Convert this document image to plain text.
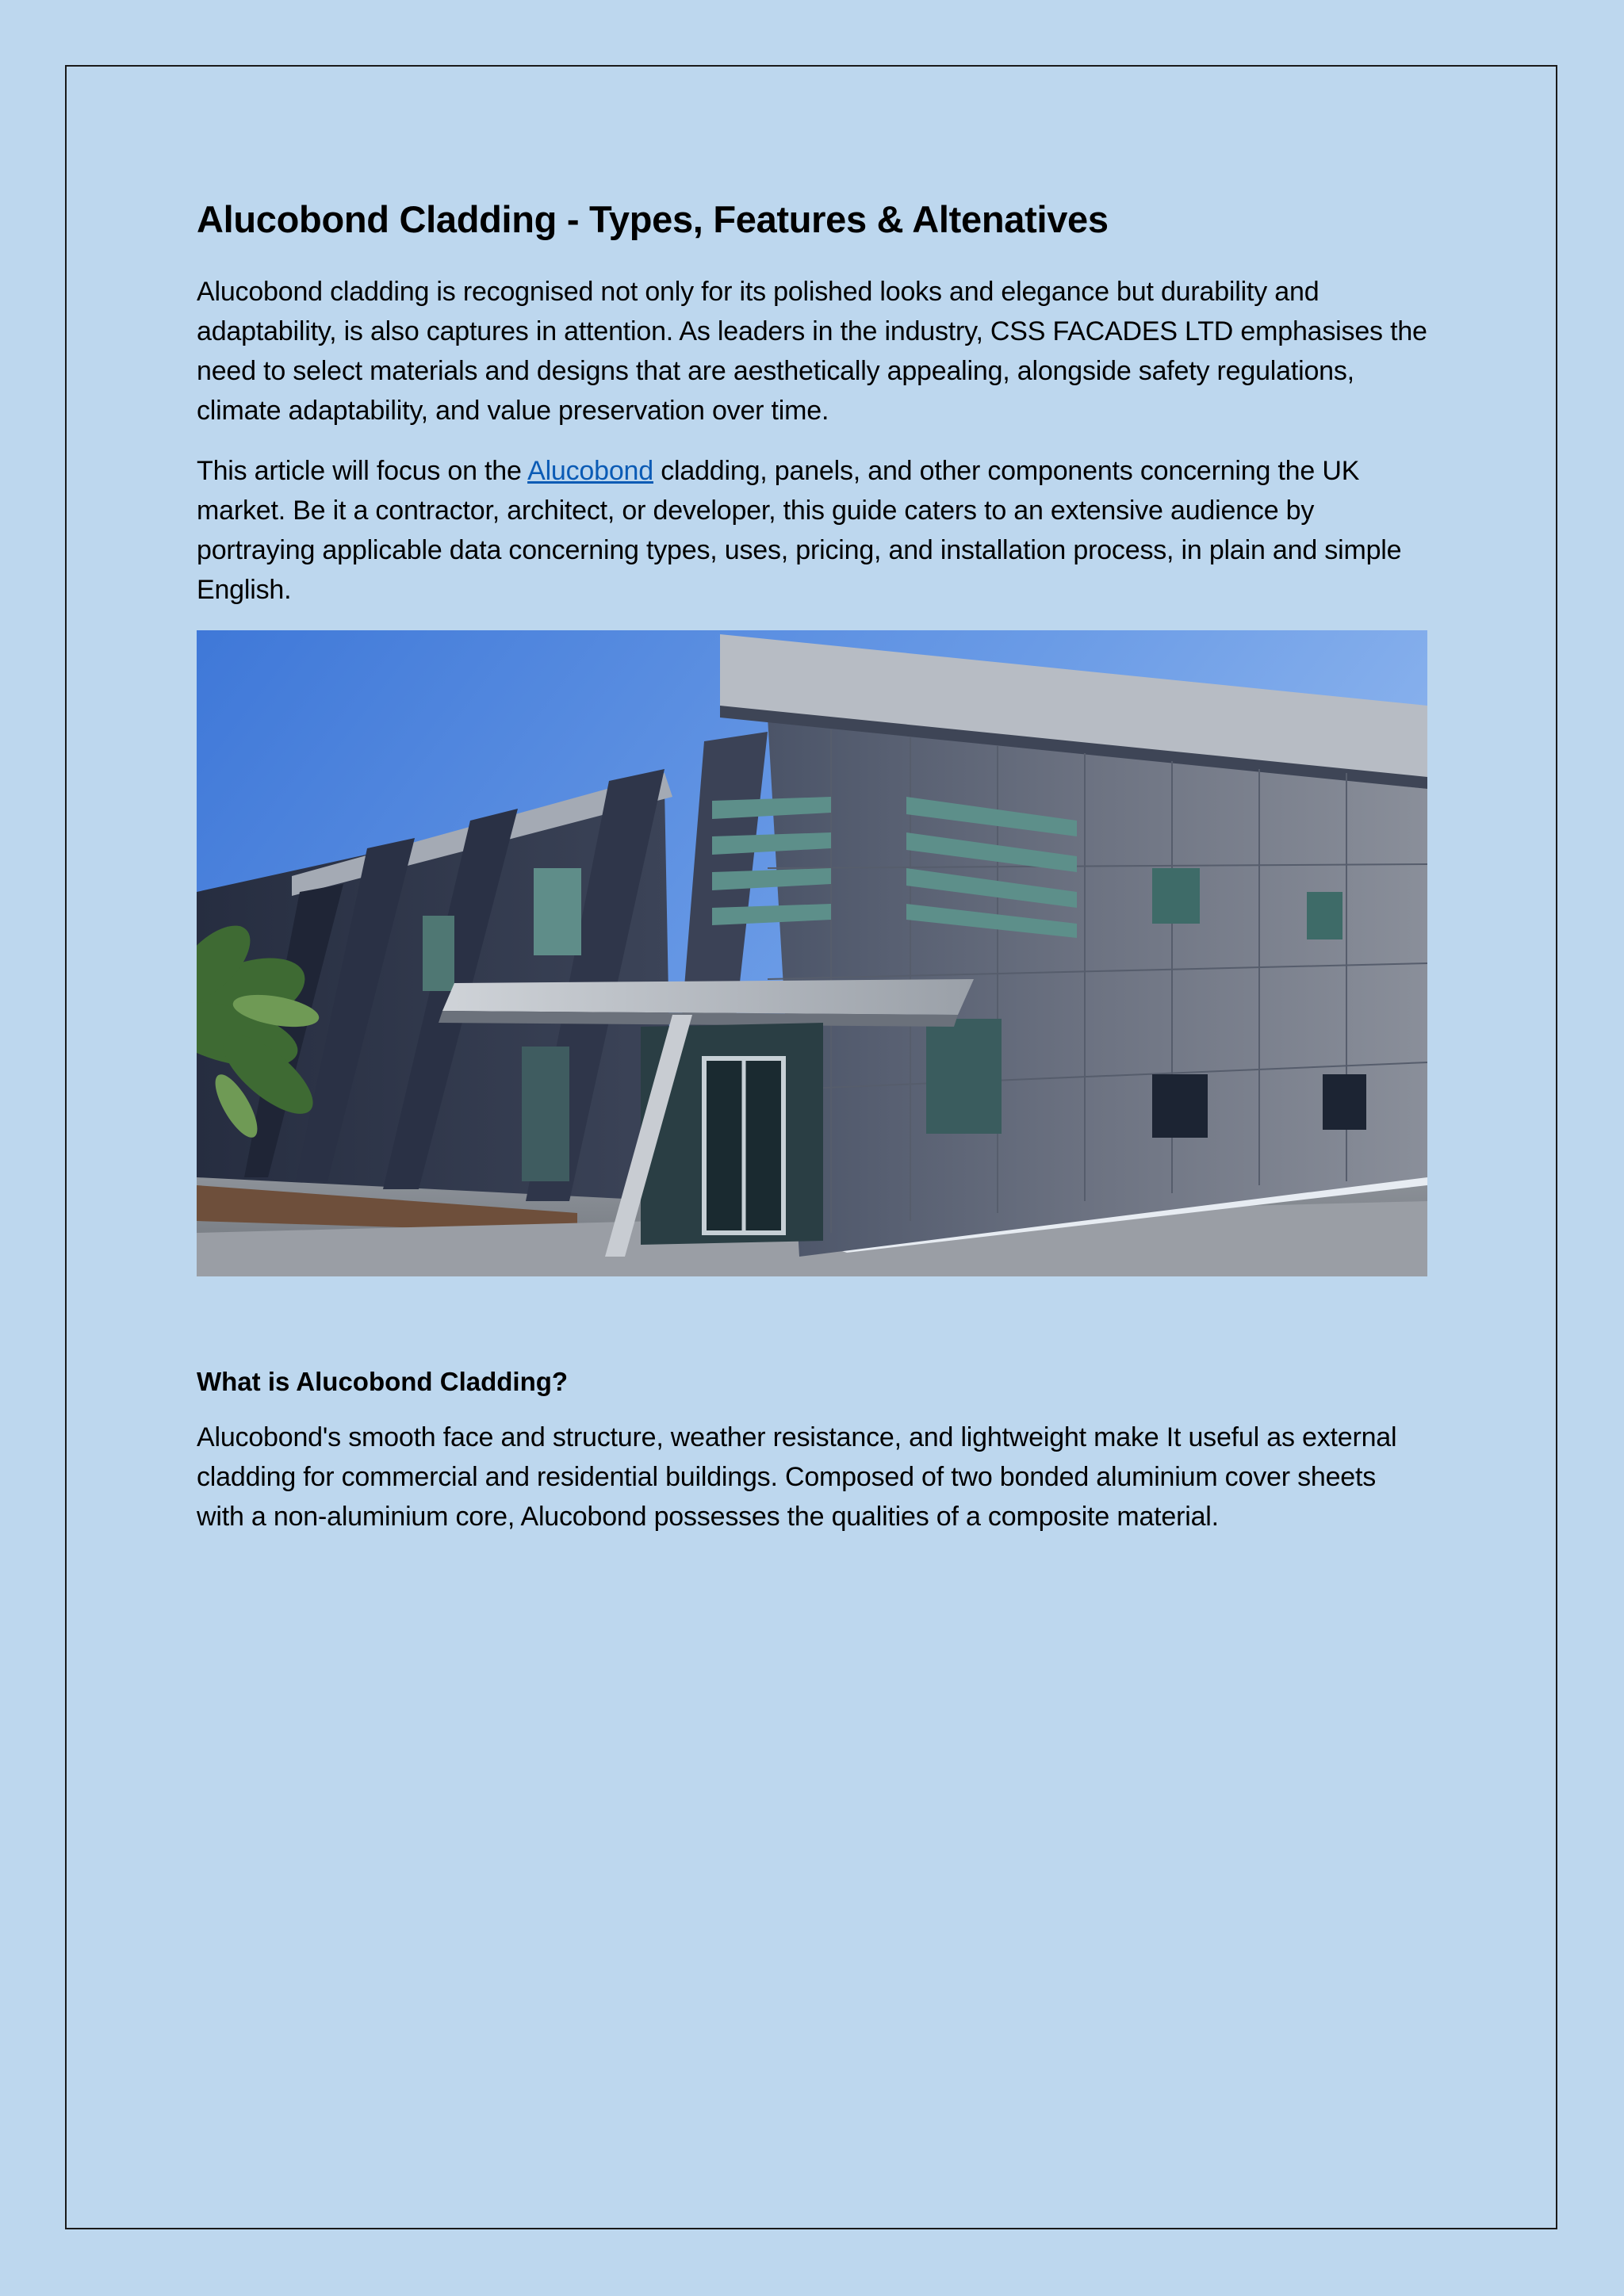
Alucobond Cladding - Types, Features & Altenatives

Alucobond cladding is recognised not only for its polished looks and elegance but durability and adaptability, is also captures in attention. As leaders in the industry, CSS FACADES LTD emphasises the need to select materials and designs that are aesthetically appealing, alongside safety regulations, climate adaptability, and value preservation over time.

This article will focus on the Alucobond cladding, panels, and other components concerning the UK market. Be it a contractor, architect, or developer, this guide caters to an extensive audience by portraying applicable data concerning types, uses, pricing, and installation process, in plain and simple English.

What is Alucobond Cladding?

Alucobond's smooth face and structure, weather resistance, and lightweight make It useful as external cladding for commercial and residential buildings. Composed of two bonded aluminium cover sheets with a non-aluminium core, Alucobond possesses the qualities of a composite material.
